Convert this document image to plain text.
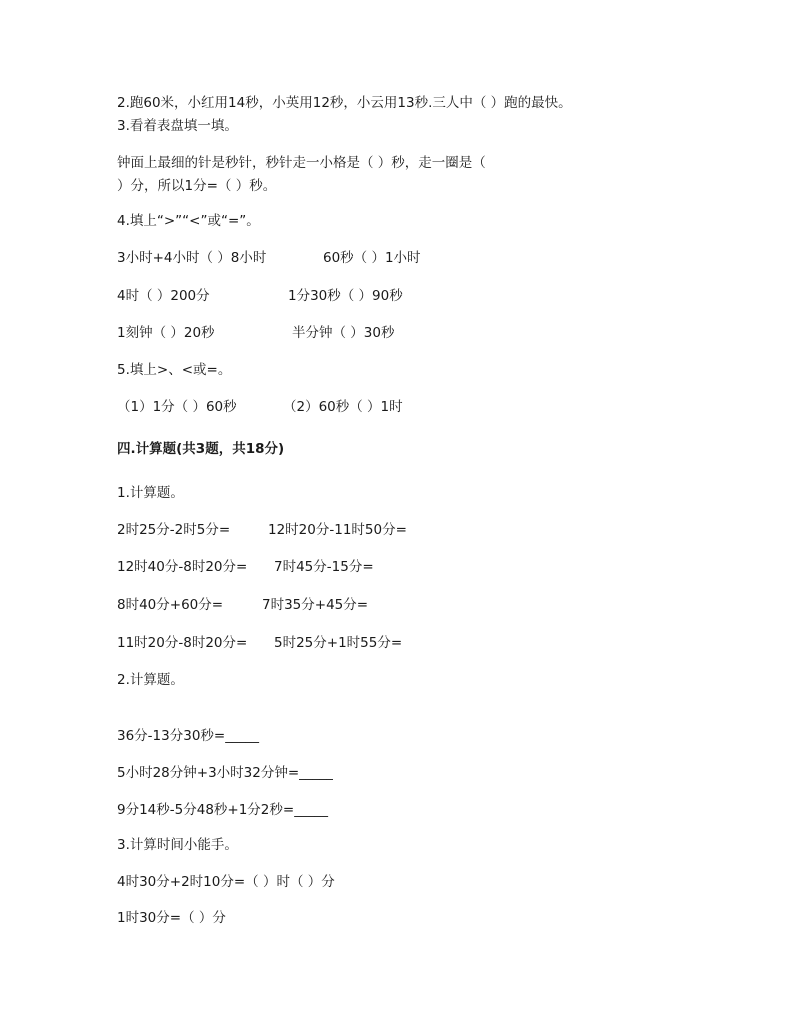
2.跑60米，小红用14秒，小英用12秒，小云用13秒.三人中（ ）跑的最快。
3.看着表盘填一填。
钟面上最细的针是秒针，秒针走一小格是（ ）秒，走一圈是（
）分，所以1分=（ ）秒。
4.填上“>”“<”或“=”。
3小时+4小时（ ）8小时	60秒（ ）1小时
4时（ ）200分	1分30秒（ ）90秒
1刻钟（ ）20秒	半分钟（ ）30秒
5.填上>、<或=。
（1）1分（ ）60秒	（2）60秒（ ）1时
四.计算题(共3题，共18分)
1.计算题。
2时25分-2时5分=	12时20分-11时50分=
12时40分-8时20分= 7时45分-15分=
8时40分+60分=	7时35分+45分=
11时20分-8时20分= 5时25分+1时55分=
2.计算题。
36分-13分30秒=_____
5小时28分钟+3小时32分钟=_____
9分14秒-5分48秒+1分2秒=_____
3.计算时间小能手。
4时30分+2时10分=（ ）时（ ）分
1时30分=（ ）分
